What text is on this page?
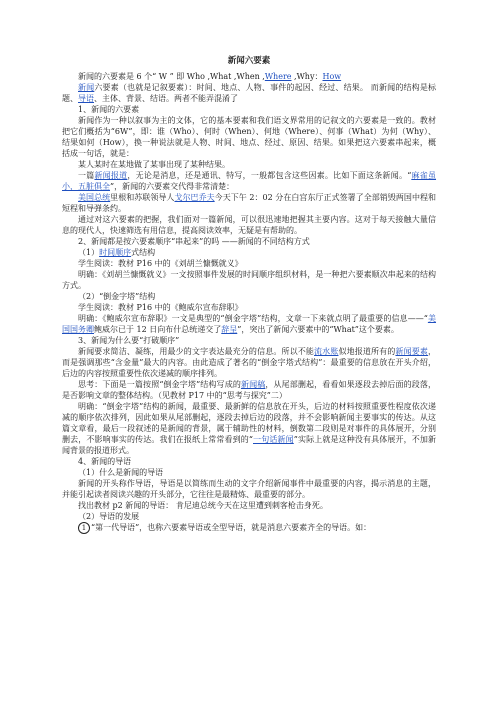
新闻六要素

新闻的六要素是 6 个“ W ” 即 Who ,What ,When ,Where ,Why：How

新闻六要素（也就是记叙要素）：时间、地点、人物、事件的起因、经过、结果。 而新闻的结构是标题、导语、主体、背景、结语。两者不能弄混淆了

1、新闻的六要素

新闻作为一种以叙事为主的文体，它的基本要素和我们语文界常用的记叙文的六要素是一致的。教材把它们概括为“6W”，即：谁（Who）、何时（When）、何地（Where）、何事（What）为何（Why）、结果如何（How），换一种说法就是人物、时间、地点、经过、原因、结果。如果把这六要素串起来，概括成一句话，就是：

某人某时在某地做了某事出现了某种结果。

一篇新闻报道，无论是消息，还是通讯、特写，一般都包含这些因素。比如下面这条新闻。“麻雀虽小，五脏俱全”，新闻的六要素交代得非常清楚：

美国总统里根和苏联领导人戈尔巴乔夫今天下午 2：02 分在白宫东厅正式签署了全部销毁两国中程和短程和导弹条约。

通过对这六要素的把握，我们面对一篇新闻，可以很迅速地把握其主要内容。这对于每天接触大量信息的现代人，快速筛选有用信息，提高阅读效率，无疑是有帮助的。

2、新闻都是按六要素顺序“串起来”的吗 ——新闻的不同结构方式

（1）时间顺序式结构

学生阅读：教材 P16 中的《刘胡兰慷慨就义》

明确：《刘胡兰慷慨就义》一文按照事件发展的时间顺序组织材料，是一种把六要素顺次串起来的结构方式。

（2）“倒金字塔”结构

学生阅读：教材 P16 中的《鲍威尔宣布辞职》

明确：《鲍威尔宣布辞职》一文是典型的“倒金字塔”结构，文章一下来就点明了最重要的信息——“美国国务卿鲍威尔已于 12 日向布什总统递交了辞呈”，突出了新闻六要素中的“What”这个要素。

3、新闻为什么要“打破顺序”

新闻要求简洁、凝练，用最少的文字表达最充分的信息。所以不能流水账似地报道所有的新闻要素，而是强调那些“含金量”最大的内容。由此造成了著名的“倒金字塔式结构”：最重要的信息放在开头介绍，后边的内容按照重要性依次递减的顺序排列。

思考：下面是一篇按照“倒金字塔”结构写成的新闻稿，从尾部删起，看看如果逐段去掉后面的段落，是否影响文章的整体结构。（见教材 P17 中的“思考与探究”二）

明确：“倒金字塔”结构的新闻，最重要、最新鲜的信息放在开头，后边的材料按照重要性程度依次递减的顺序依次排列，因此如果从尾部删起，逐段去掉后边的段落，并不会影响新闻主要事实的传达。从这篇文章看，最后一段叙述的是新闻的背景，属于辅助性的材料，倒数第二段则是对事件的具体展开，分别删去，不影响事实的传达。我们在报纸上常常看到的“一句话新闻”实际上就是这种没有具体展开，不加新闻背景的报道形式。

4、新闻的导语

（1）什么是新闻的导语

新闻的开头称作导语，导语是以简练而生动的文字介绍新闻事件中最重要的内容，揭示消息的主题，并能引起读者阅读兴趣的开头部分，它往往是最精炼、最重要的部分。

找出教材 p2 新闻的导语： 肯尼迪总统今天在这里遭到刺客枪击身死。

（2）导语的发展

1 “第一代导语”，也称六要素导语或全型导语，就是消息六要素齐全的导语。如：
